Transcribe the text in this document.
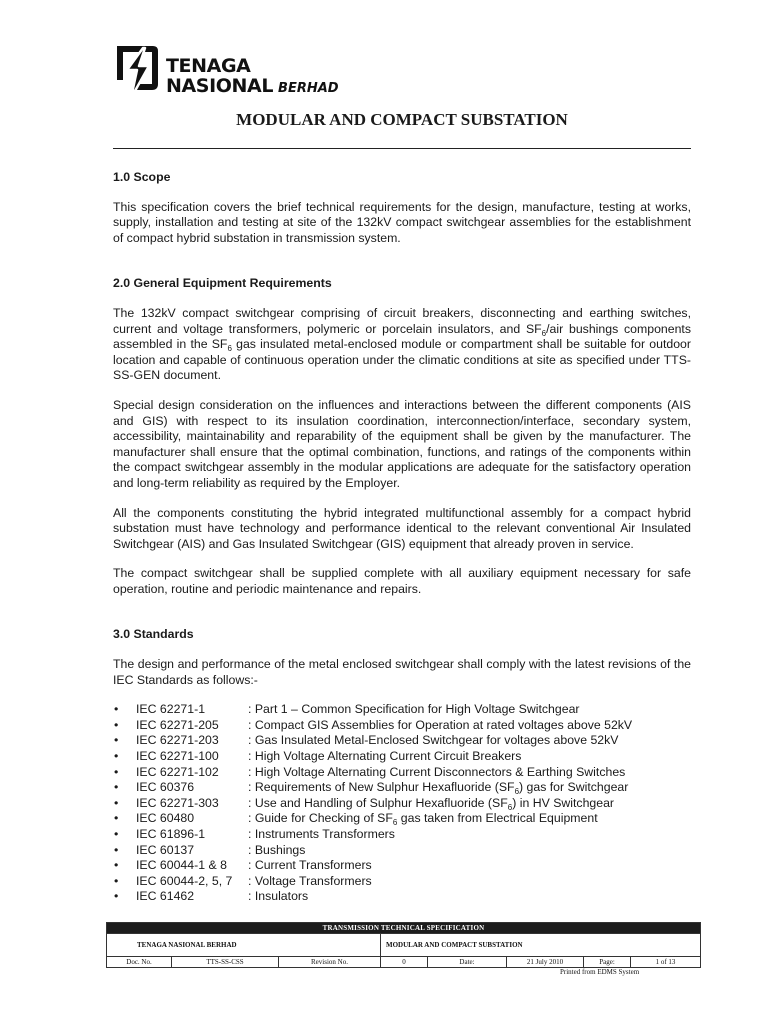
TENAGA
NASIONAL BERHAD
MODULAR AND COMPACT SUBSTATION
1.0 Scope

This specification covers the brief technical requirements for the design, manufacture, testing at works, supply, installation and testing at site of the 132kV compact switchgear assemblies for the establishment of compact hybrid substation in transmission system.

2.0 General Equipment Requirements

The 132kV compact switchgear comprising of circuit breakers, disconnecting and earthing switches, current and voltage transformers, polymeric or porcelain insulators, and $SF_6$/air bushings components assembled in the $SF_6$ gas insulated metal-enclosed module or compartment shall be suitable for outdoor location and capable of continuous operation under the climatic conditions at site as specified under TTS-SS-GEN document.

Special design consideration on the influences and interactions between the different components (AIS and GIS) with respect to its insulation coordination, interconnection/interface, secondary system, accessibility, maintainability and reparability of the equipment shall be given by the manufacturer. The manufacturer shall ensure that the optimal combination, functions, and ratings of the components within the compact switchgear assembly in the modular applications are adequate for the satisfactory operation and long-term reliability as required by the Employer.

All the components constituting the hybrid integrated multifunctional assembly for a compact hybrid substation must have technology and performance identical to the relevant conventional Air Insulated Switchgear (AIS) and Gas Insulated Switchgear (GIS) equipment that already proven in service.

The compact switchgear shall be supplied complete with all auxiliary equipment necessary for safe operation, routine and periodic maintenance and repairs.

3.0 Standards

The design and performance of the metal enclosed switchgear shall comply with the latest revisions of the IEC Standards as follows:-

• IEC 62271-1	: Part 1 – Common Specification for High Voltage Switchgear
• IEC 62271-205 : Compact GIS Assemblies for Operation at rated voltages above 52kV
• IEC 62271-203 : Gas Insulated Metal-Enclosed Switchgear for voltages above 52kV
• IEC 62271-100 : High Voltage Alternating Current Circuit Breakers
• IEC 62271-102 : High Voltage Alternating Current Disconnectors & Earthing Switches
• IEC 60376	: Requirements of New Sulphur Hexafluoride $(SF_6)$ gas for Switchgear
• IEC 62271-303 : Use and Handling of Sulphur Hexafluoride $(SF_6)$ in HV Switchgear
• IEC 60480	: Guide for Checking of $SF_6$ gas taken from Electrical Equipment
• IEC 61896-1	: Instruments Transformers
• IEC 60137	: Bushings
• IEC 60044-1 & 8 : Current Transformers
• IEC 60044-2, 5, 7 : Voltage Transformers
• IEC 61462	: Insulators
TRANSMISSION TECHNICAL SPECIFICATION							
TENAGA NASIONAL BERHAD			MODULAR AND COMPACT SUBSTATION				
Doc. No.	TTS-SS-CSS	Revision No.	0	Date:	21 July 2010	Page:	1 of 13
Printed from EDMS System
